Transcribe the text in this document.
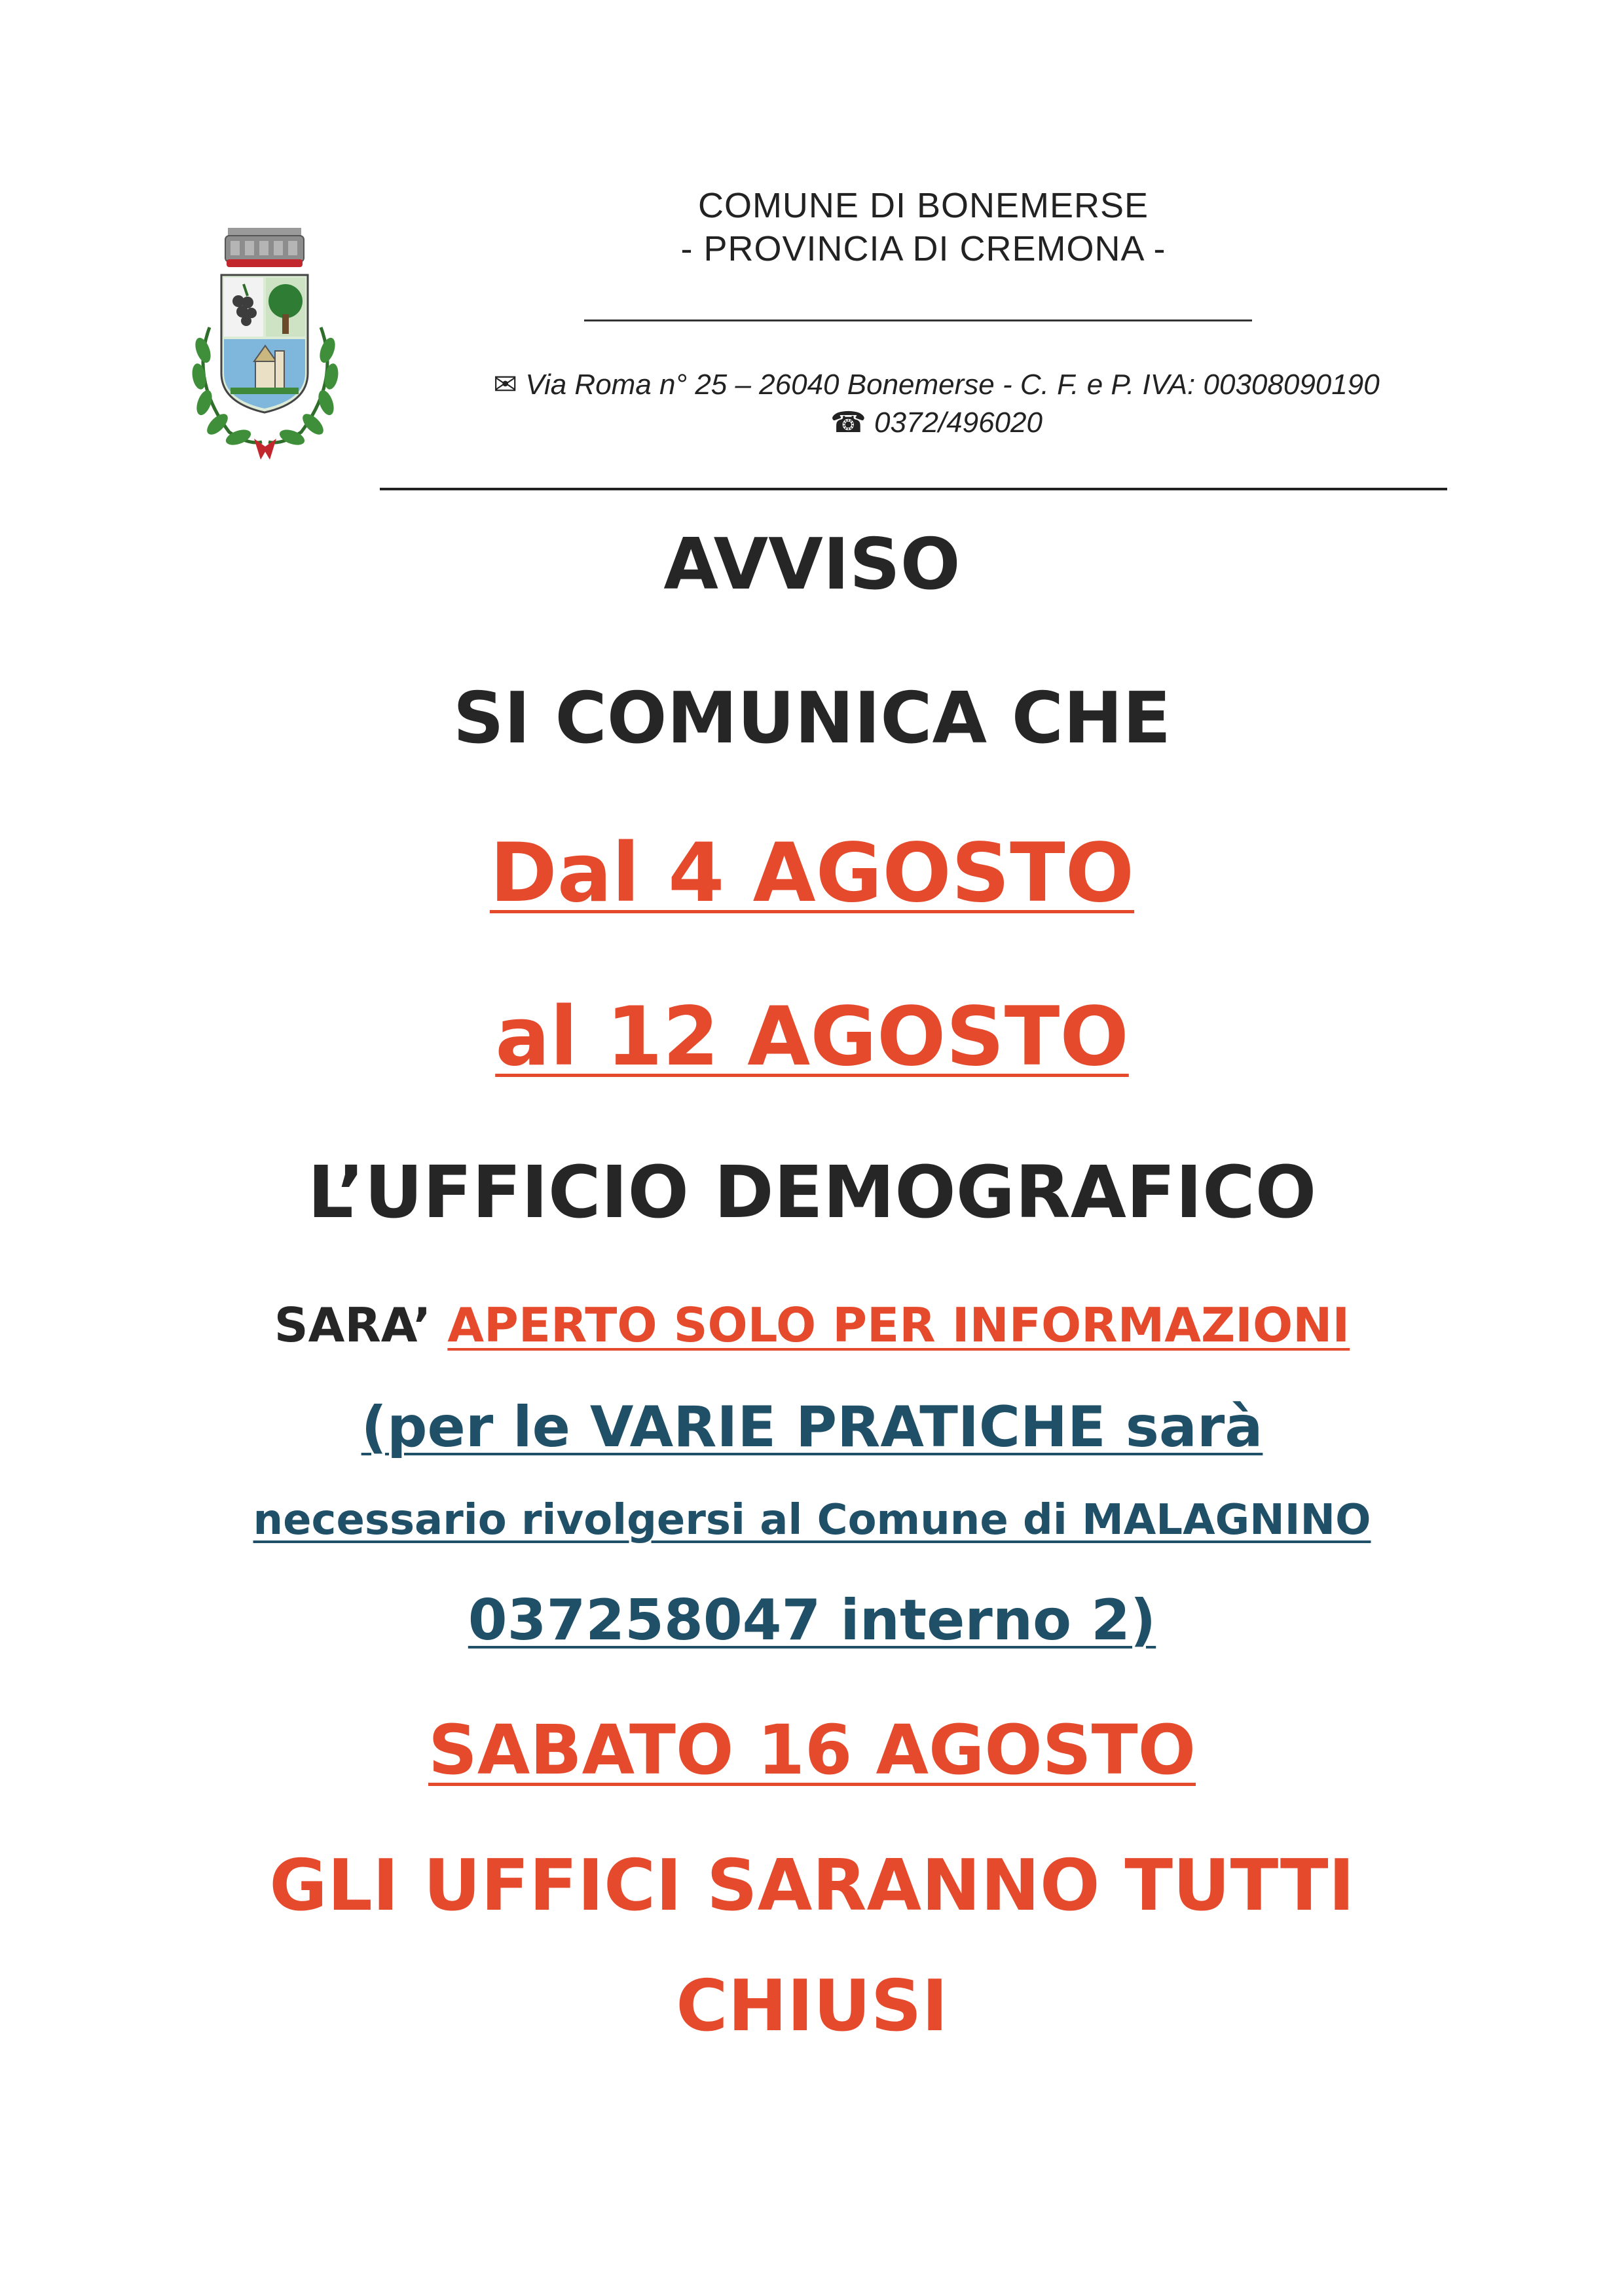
COMUNE DI BONEMERSE
- PROVINCIA DI CREMONA -
✉ Via Roma n° 25 – 26040 Bonemerse - C. F. e P. IVA: 00308090190
☎ 0372/496020
AVVISO
SI COMUNICA CHE
Dal 4 AGOSTO
al 12 AGOSTO
L’UFFICIO DEMOGRAFICO
SARA’ APERTO SOLO PER INFORMAZIONI
(per le VARIE PRATICHE sarà
necessario rivolgersi al Comune di MALAGNINO
037258047 interno 2)
SABATO 16 AGOSTO
GLI UFFICI SARANNO TUTTI
CHIUSI
